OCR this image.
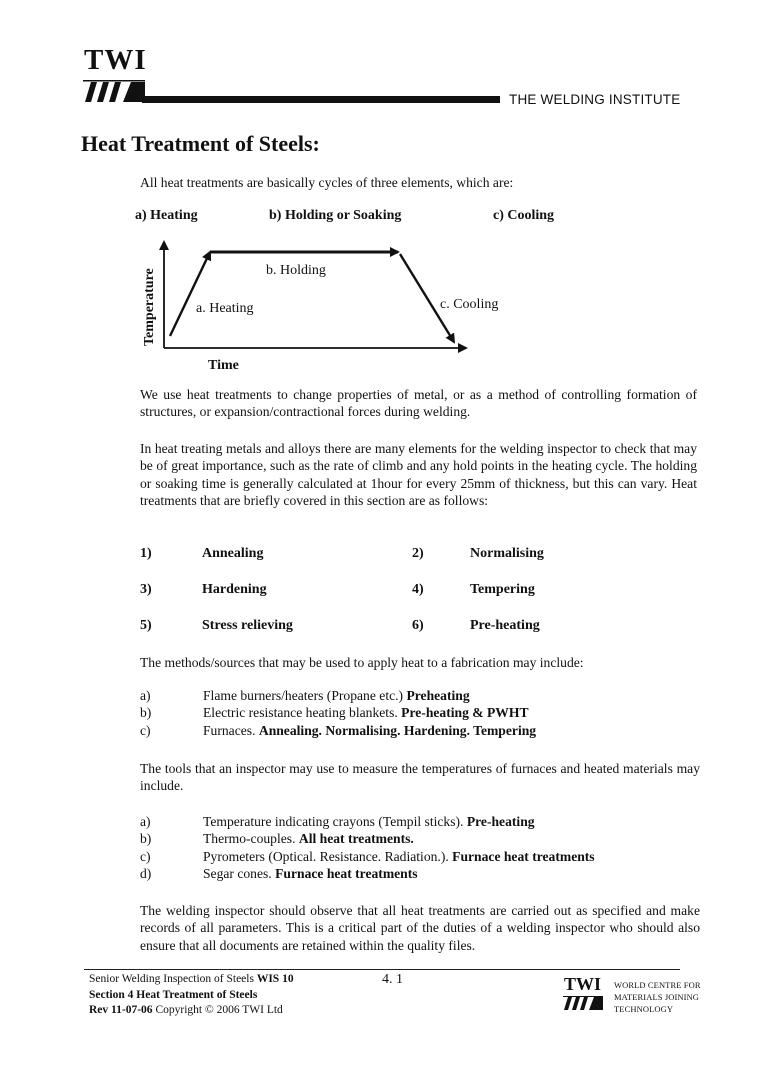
TWI
THE WELDING INSTITUTE
Heat Treatment of Steels:
All heat treatments are basically cycles of three elements, which are:
a) Heating	b) Holding or Soaking	c) Cooling
Temperature	a. Heating
b. Holding
c. Cooling
Time
We use heat treatments to change properties of metal, or as a method of controlling formation of structures, or expansion/contractional forces during welding.
In heat treating metals and alloys there are many elements for the welding inspector to check that may be of great importance, such as the rate of climb and any hold points in the heating cycle. The holding or soaking time is generally calculated at 1hour for every 25mm of thickness, but this can vary. Heat treatments that are briefly covered in this section are as follows:
1)	Annealing	2)	Normalising
3)	Hardening	4)	Tempering
5)	Stress relieving	6)	Pre-heating
The methods/sources that may be used to apply heat to a fabrication may include:
a)	Flame burners/heaters (Propane etc.) Preheating
b)	Electric resistance heating blankets. Pre-heating & PWHT
c)	Furnaces. Annealing. Normalising. Hardening. Tempering
The tools that an inspector may use to measure the temperatures of furnaces and heated materials may include.
a)	Temperature indicating crayons (Tempil sticks). Pre-heating
b)	Thermo-couples. All heat treatments.
c)	Pyrometers (Optical. Resistance. Radiation.). Furnace heat treatments
d)	Segar cones. Furnace heat treatments
The welding inspector should observe that all heat treatments are carried out as specified and make records of all parameters. This is a critical part of the duties of a welding inspector who should also ensure that all documents are retained within the quality files.
Senior Welding Inspection of Steels WIS 10
Section 4 Heat Treatment of Steels
Rev 11-07-06 Copyright © 2006 TWI Ltd
4. 1	TWI WORLD CENTRE FOR
MATERIALS JOINING
TECHNOLOGY
